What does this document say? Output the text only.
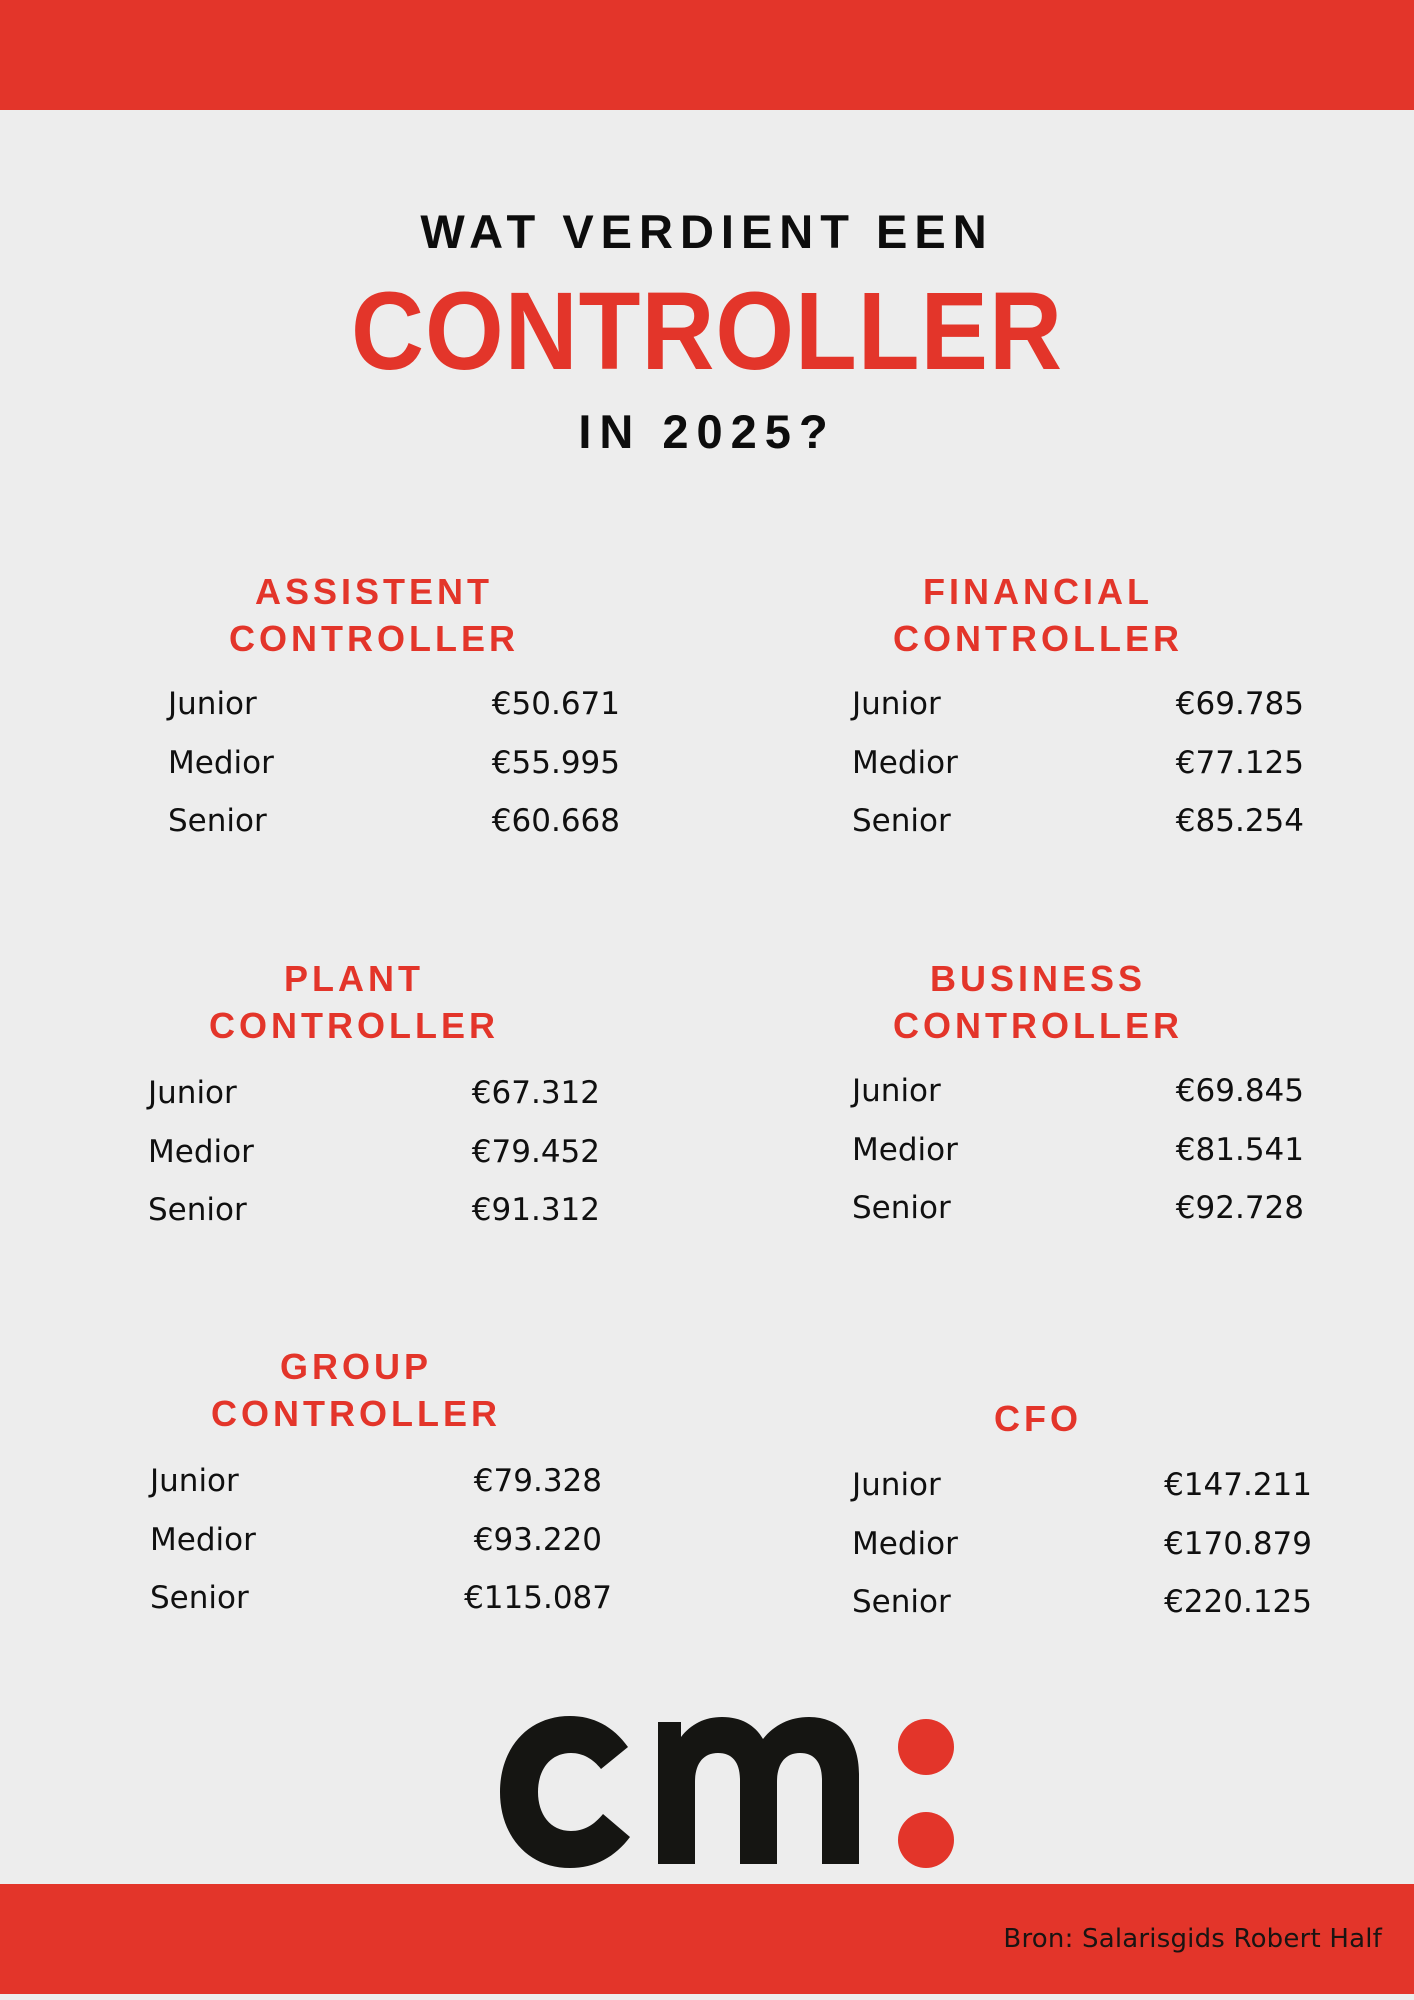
WAT VERDIENT EEN
CONTROLLER
IN 2025?
ASSISTENT
CONTROLLER
Junior	€50.671
Medior	€55.995
Senior	€60.668
FINANCIAL
CONTROLLER
Junior	€69.785
Medior	€77.125
Senior	€85.254
PLANT
CONTROLLER
Junior	€67.312
Medior	€79.452
Senior	€91.312
BUSINESS
CONTROLLER
Junior	€69.845
Medior	€81.541
Senior	€92.728
GROUP
CONTROLLER
Junior	€79.328
Medior	€93.220
Senior	€115.087
CFO
Junior	€147.211
Medior	€170.879
Senior	€220.125
Bron: Salarisgids Robert Half
